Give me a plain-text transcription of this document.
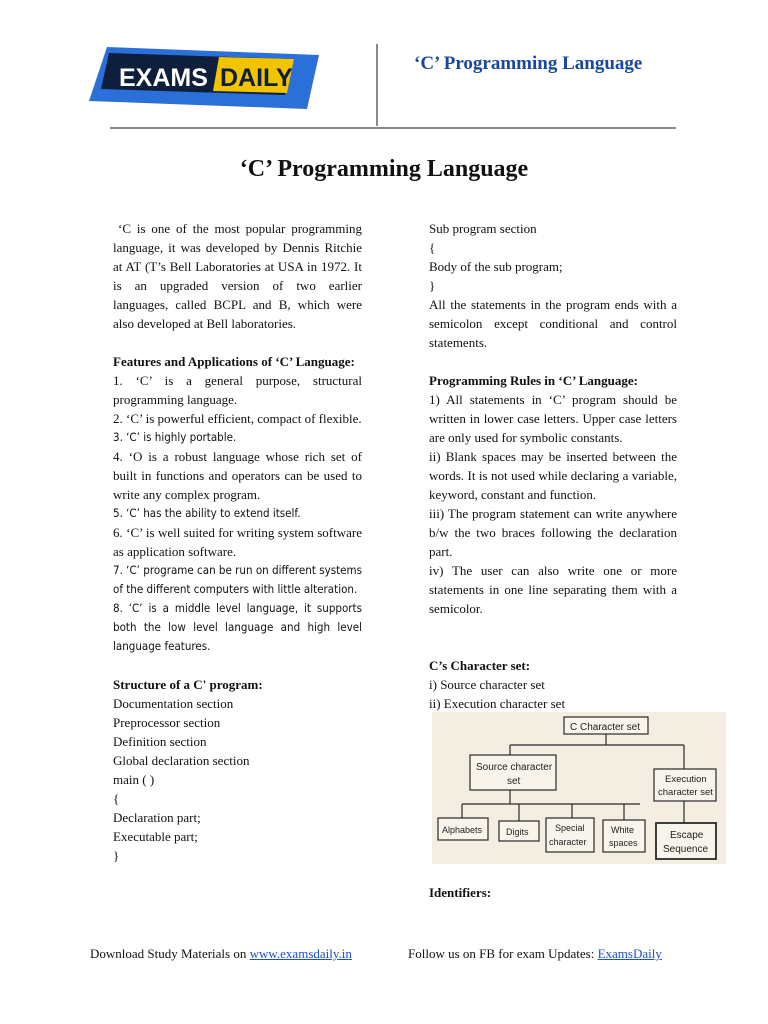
EXAMS DAILY
‘C’ Programming Language
‘C’ Programming Language

‘C is one of the most popular programming language, it was developed by Dennis Ritchie at AT (T’s Bell Laboratories at USA in 1972. It is an upgraded version of two earlier languages, called BCPL and B, which were also developed at Bell laboratories.

Features and Applications of ‘C’ Language:

1. ‘C’ is a general purpose, structural programming language.

2. ‘C’ is powerful efficient, compact of flexible.

3. ‘C’ is highly portable.

4. ‘O is a robust language whose rich set of built in functions and operators can be used to write any complex program.

5. ‘C’ has the ability to extend itself.

6. ‘C’ is well suited for writing system software as application software.

7. ‘C’ programe can be run on different systems of the different computers with little alteration.

8. ‘C’ is a middle level language, it supports both the low level language and high level language features.

Structure of a C' program:

Documentation section

Preprocessor section

Definition section

Global declaration section

main ( )

{

Declaration part;

Executable part;

}

Sub program section

{

Body of the sub program;

}

All the statements in the program ends with a semicolon except conditional and control statements.

Programming Rules in ‘C’ Language:

1) All statements in ‘C’ program should be written in lower case letters. Upper case letters are only used for symbolic constants.

ii) Blank spaces may be inserted between the words. It is not used while declaring a variable, keyword, constant and function.

iii) The program statement can write anywhere b/w the two braces following the declaration part.

iv) The user can also write one or more statements in one line separating them with a semicolor.

C’s Character set:

i) Source character set

ii) Execution character set

C Character set
Source character
set	Execution
character set
Alphabets	Digits	Special
character
White
spaces
Escape
Sequence

Identifiers:

Download Study Materials on www.examsdaily.in	Follow us on FB for exam Updates: ExamsDaily
